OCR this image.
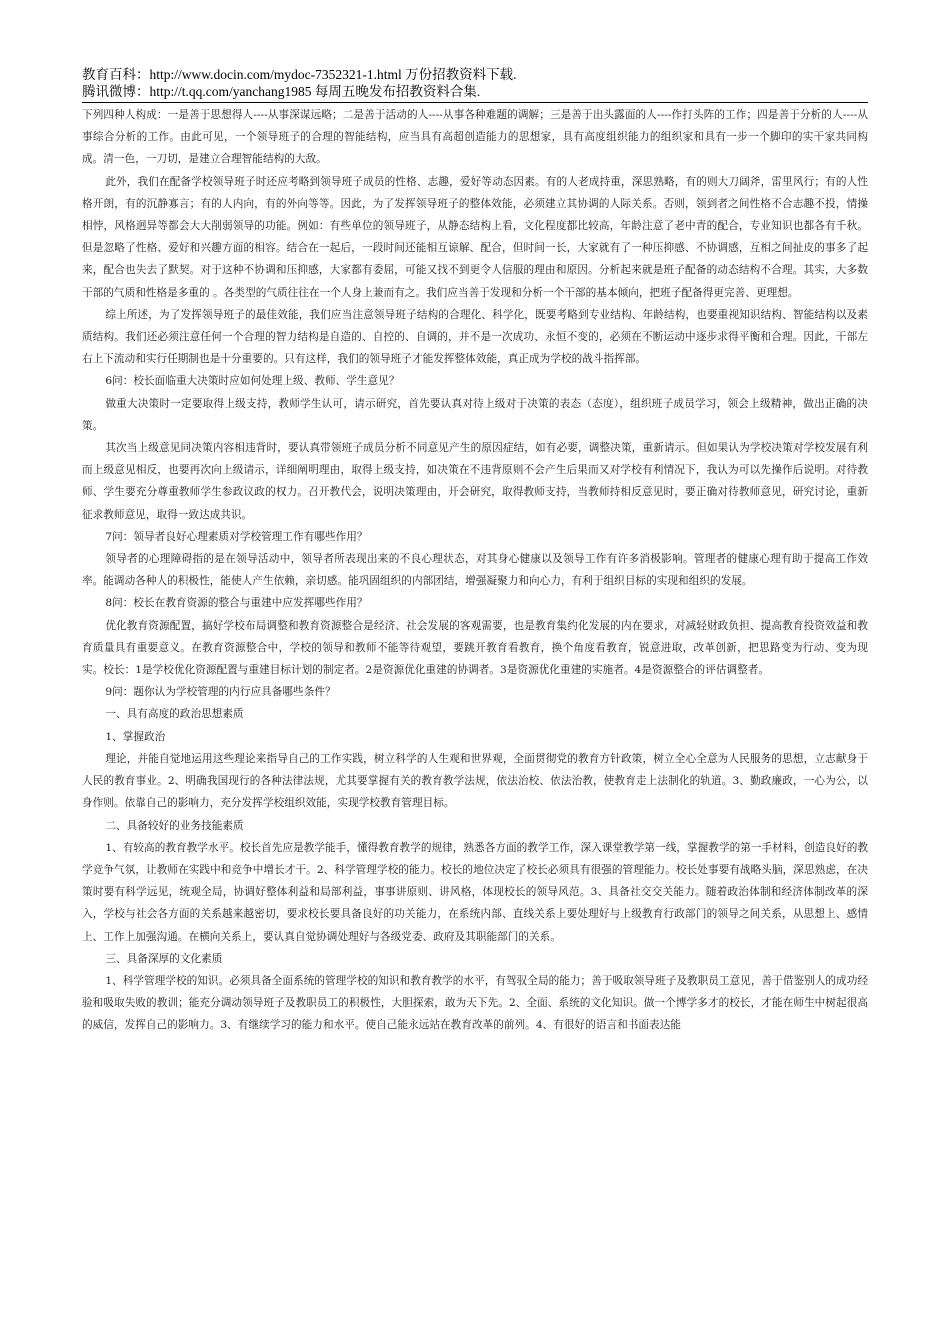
教育百科：http://www.docin.com/mydoc-7352321-1.html 万份招教资料下载.
腾讯微博：http://t.qq.com/yanchang1985 每周五晚发布招教资料合集.

下列四种人构成：一是善于思想得人----从事深谋远略；二是善于活动的人----从事各种难题的调解；三是善于出头露面的人----作打头阵的工作；四是善于分析的人----从事综合分析的工作。由此可见，一个领导班子的合理的智能结构，应当具有高超创造能力的思想家，具有高度组织能力的组织家和具有一步一个脚印的实干家共同构成。清一色，一刀切，是建立合理智能结构的大敌。

此外，我们在配备学校领导班子时还应考略到领导班子成员的性格、志趣，爱好等动态因素。有的人老成持重，深思熟略，有的则大刀阔斧，雷里风行；有的人性格开朗，有的沉静寡言；有的人内向，有的外向等等。因此，为了发挥领导班子的整体效能，必须建立其协调的人际关系。否则，领到者之间性格不合志趣不投，情操相悖，风格迥异等都会大大削弱领导的功能。例如：有些单位的领导班子，从静态结构上看，文化程度都比较高，年龄注意了老中青的配合，专业知识也都各有千秋。但是忽略了性格、爱好和兴趣方面的相容。结合在一起后，一段时间还能相互谅解、配合，但时间一长，大家就有了一种压抑感、不协调感，互相之间扯皮的事多了起来，配合也失去了默契。对于这种不协调和压抑感，大家都有委屈，可能又找不到更令人信服的理由和原因。分析起来就是班子配备的动态结构不合理。其实，大多数干部的气质和性格是多重的 。各类型的气质往往在一个人身上兼而有之。我们应当善于发现和分析一个干部的基本倾向，把班子配备得更完善、更理想。

综上所述，为了发挥领导班子的最佳效能，我们应当注意领导班子结构的合理化、科学化，既要考略到专业结构、年龄结构，也要重视知识结构、智能结构以及素质结构。我们还必须注意任何一个合理的智力结构是自造的、自控的、自调的，并不是一次成功、永恒不变的，必须在不断运动中逐步求得平衡和合理。因此，干部左右上下流动和实行任期制也是十分重要的。只有这样，我们的领导班子才能发挥整体效能，真正成为学校的战斗指挥部。

6问：校长面临重大决策时应如何处理上级、教师、学生意见？

做重大决策时一定要取得上级支持，教师学生认可，请示研究，首先要认真对待上级对于决策的表态（态度），组织班子成员学习，领会上级精神，做出正确的决策。

其次当上级意见同决策内容相违背时，要认真带领班子成员分析不同意见产生的原因症结，如有必要，调整决策，重新请示。但如果认为学校决策对学校发展有利而上级意见相反，也要再次向上级请示，详细阐明理由，取得上级支持，如决策在不违背原则不会产生后果而又对学校有利情况下，我认为可以先操作后说明。对待教师、学生要充分尊重教师学生参政议政的权力。召开教代会，说明决策理由，开会研究，取得教师支持，当教师持相反意见时，要正确对待教师意见，研究讨论，重新征求教师意见，取得一致达成共识。

7问：领导者良好心理素质对学校管理工作有哪些作用？

领导者的心理障碍指的是在领导活动中，领导者所表现出来的不良心理状态，对其身心健康以及领导工作有许多消极影响。管理者的健康心理有助于提高工作效率。能调动各种人的积极性，能使人产生依赖，亲切感。能巩固组织的内部团结，增强凝聚力和向心力，有利于组织目标的实现和组织的发展。

8问：校长在教育资源的整合与重建中应发挥哪些作用？

优化教育资源配置，搞好学校布局调整和教育资源整合是经济、社会发展的客观需要，也是教育集约化发展的内在要求，对减轻财政负担、提高教育投资效益和教育质量具有重要意义。在教育资源整合中，学校的领导和教师不能等待观望，要跳开教育看教育，换个角度看教育，锐意进取，改革创新，把思路变为行动、变为现实。校长：1是学校优化资源配置与重建目标计划的制定者。2是资源优化重建的协调者。3是资源优化重建的实施者。4是资源整合的评估调整者。

9问：题你认为学校管理的内行应具备哪些条件？

一、具有高度的政治思想素质

1、掌握政治

理论，并能自觉地运用这些理论来指导自己的工作实践，树立科学的人生观和世界观，全面贯彻党的教育方针政策，树立全心全意为人民服务的思想，立志献身于人民的教育事业。2、明确我国现行的各种法律法规，尤其要掌握有关的教育教学法规，依法治校、依法治教，使教育走上法制化的轨道。3、勤政廉政，一心为公，以身作则。依靠自己的影响力，充分发挥学校组织效能，实现学校教育管理目标。

二、具备较好的业务技能素质

1、有较高的教育教学水平。校长首先应是教学能手，懂得教育教学的规律，熟悉各方面的教学工作，深入课堂教学第一线，掌握教学的第一手材料，创造良好的教学竞争气氛，让教师在实践中和竞争中增长才干。2、科学管理学校的能力。校长的地位决定了校长必须具有很强的管理能力。校长处事要有战略头脑，深思熟虑，在决策时要有科学远见，统观全局，协调好整体利益和局部利益，事事讲原则、讲风格，体现校长的领导风范。3、具备社交交关能力。随着政治体制和经济体制改革的深入，学校与社会各方面的关系越来越密切，要求校长要具备良好的功关能力，在系统内部、直线关系上要处理好与上级教育行政部门的领导之间关系，从思想上、感情上、工作上加强沟通。在横向关系上，要认真自觉协调处理好与各级党委、政府及其职能部门的关系。

三、具备深厚的文化素质

1、科学管理学校的知识。必须具备全面系统的管理学校的知识和教育教学的水平，有驾驭全局的能力；善于吸取领导班子及教职员工意见，善于借鉴别人的成功经验和吸取失败的教训；能充分调动领导班子及教职员工的积极性，大胆探索，敢为天下先。2、全面、系统的文化知识。做一个博学多才的校长，才能在师生中树起很高的威信，发挥自己的影响力。3、有继续学习的能力和水平。使自己能永远站在教育改革的前列。4、有很好的语言和书面表达能
